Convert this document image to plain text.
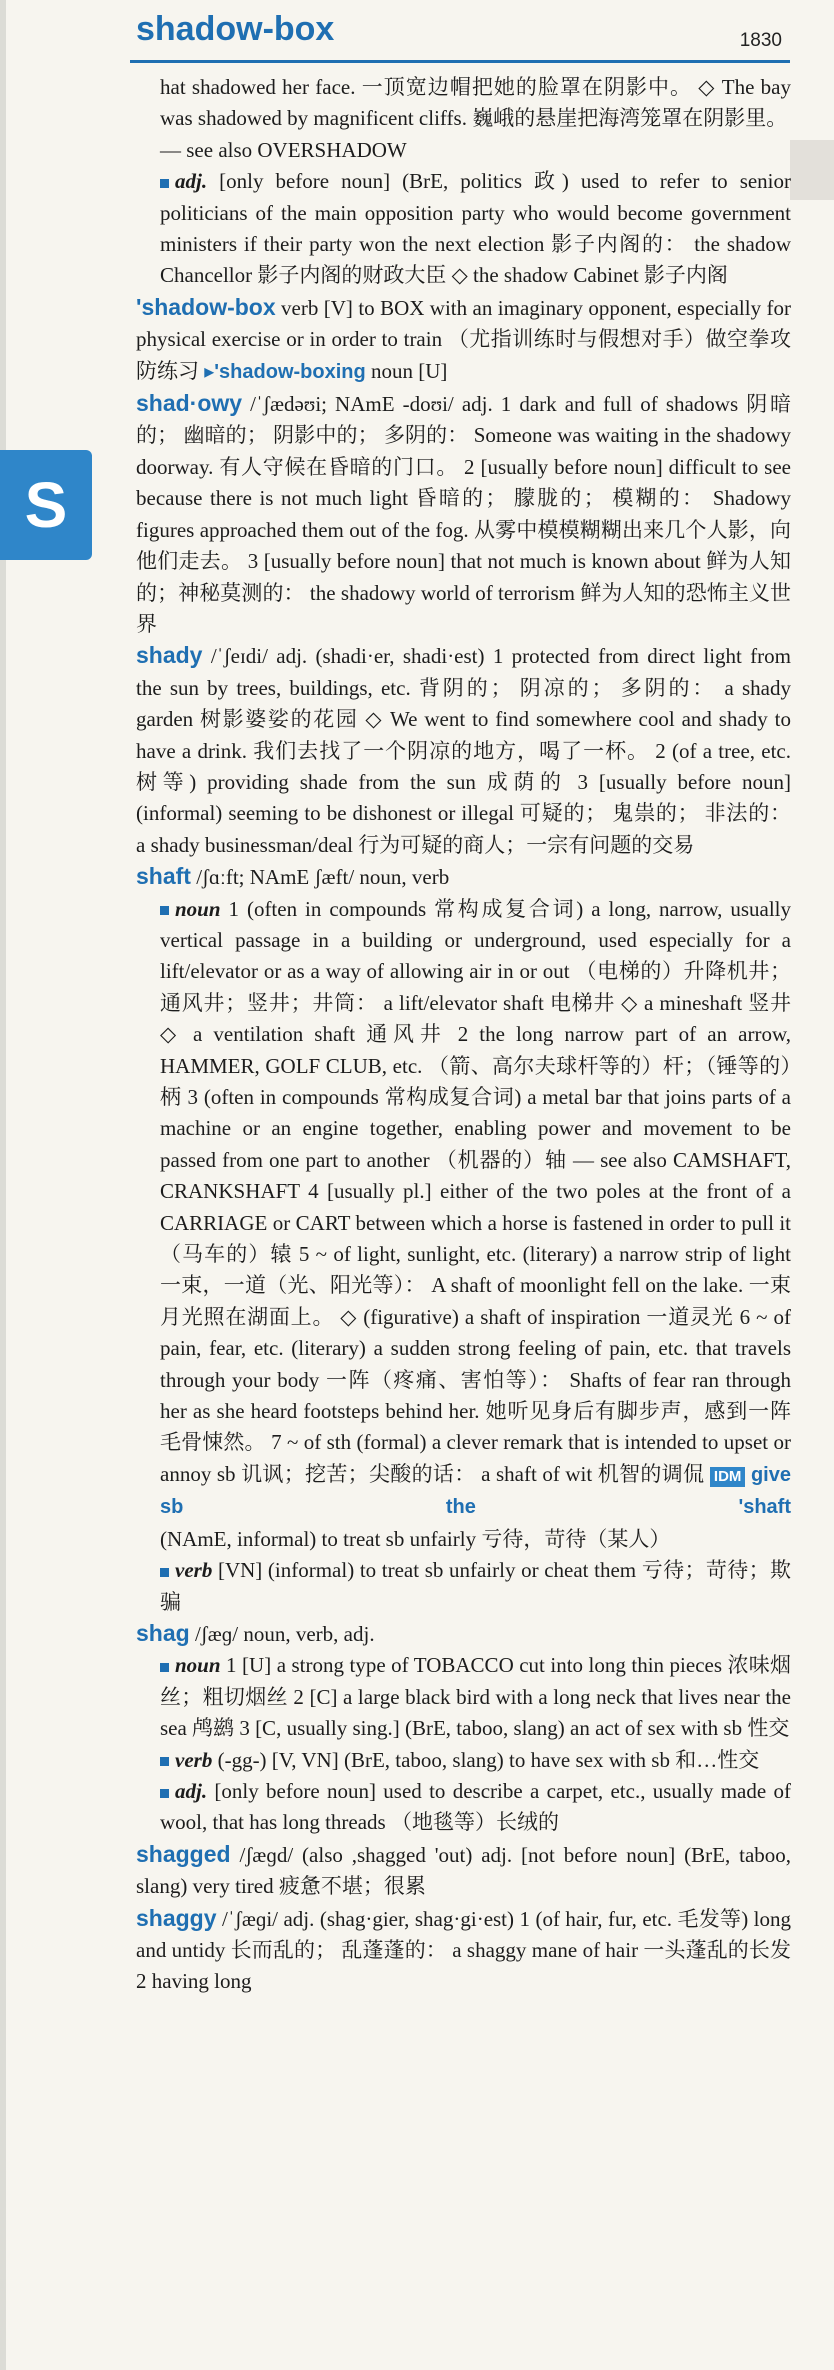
shadow-box	1830
S

hat shadowed her face. 一顶宽边帽把她的脸罩在阴影中。 ◇ The bay was shadowed by magnificent cliffs. 巍峨的悬崖把海湾笼罩在阴影里。

— see also OVERSHADOW

adj. [only before noun] (BrE, politics 政) used to refer to senior politicians of the main opposition party who would become government ministers if their party won the next election 影子内阁的： the shadow Chancellor 影子内阁的财政大臣 ◇ the shadow Cabinet 影子内阁

'shadow-box verb [V] to BOX with an imaginary opponent, especially for physical exercise or in order to train （尤指训练时与假想对手）做空拳攻防练习 ▸'shadow-boxing noun [U]

shad·owy /ˈʃædəʊi; NAmE -doʊi/ adj. 1 dark and full of shadows 阴暗的； 幽暗的； 阴影中的； 多阴的： Someone was waiting in the shadowy doorway. 有人守候在昏暗的门口。 2 [usually before noun] difficult to see because there is not much light 昏暗的； 朦胧的； 模糊的： Shadowy figures approached them out of the fog. 从雾中模模糊糊出来几个人影，向他们走去。 3 [usually before noun] that not much is known about 鲜为人知的；神秘莫测的： the shadowy world of terrorism 鲜为人知的恐怖主义世界

shady /ˈʃeɪdi/ adj. (shadi·er, shadi·est) 1 protected from direct light from the sun by trees, buildings, etc. 背阴的； 阴凉的； 多阴的： a shady garden 树影婆娑的花园 ◇ We went to find somewhere cool and shady to have a drink. 我们去找了一个阴凉的地方，喝了一杯。 2 (of a tree, etc. 树等) providing shade from the sun 成荫的 3 [usually before noun] (informal) seeming to be dishonest or illegal 可疑的； 鬼祟的； 非法的： a shady businessman/deal 行为可疑的商人；一宗有问题的交易

shaft /ʃɑːft; NAmE ʃæft/ noun, verb

noun 1 (often in compounds 常构成复合词) a long, narrow, usually vertical passage in a building or underground, used especially for a lift/elevator or as a way of allowing air in or out （电梯的）升降机井；通风井；竖井；井筒： a lift/elevator shaft 电梯井 ◇ a mineshaft 竖井 ◇ a ventilation shaft 通风井 2 the long narrow part of an arrow, HAMMER, GOLF CLUB, etc. （箭、高尔夫球杆等的）杆；（锤等的）柄 3 (often in compounds 常构成复合词) a metal bar that joins parts of a machine or an engine together, enabling power and movement to be passed from one part to another （机器的）轴 — see also CAMSHAFT, CRANKSHAFT 4 [usually pl.] either of the two poles at the front of a CARRIAGE or CART between which a horse is fastened in order to pull it （马车的）辕 5 ~ of light, sunlight, etc. (literary) a narrow strip of light 一束，一道（光、阳光等）： A shaft of moonlight fell on the lake. 一束月光照在湖面上。 ◇ (figurative) a shaft of inspiration 一道灵光 6 ~ of pain, fear, etc. (literary) a sudden strong feeling of pain, etc. that travels through your body 一阵（疼痛、害怕等）： Shafts of fear ran through her as she heard footsteps behind her. 她听见身后有脚步声，感到一阵毛骨悚然。 7 ~ of sth (formal) a clever remark that is intended to upset or annoy sb 讥讽；挖苦；尖酸的话： a shaft of wit 机智的调侃 IDM give sb the 'shaft (NAmE, informal) to treat sb unfairly 亏待，苛待（某人）

verb [VN] (informal) to treat sb unfairly or cheat them 亏待；苛待；欺骗

shag /ʃæɡ/ noun, verb, adj.

noun 1 [U] a strong type of TOBACCO cut into long thin pieces 浓味烟丝；粗切烟丝 2 [C] a large black bird with a long neck that lives near the sea 鸬鹚 3 [C, usually sing.] (BrE, taboo, slang) an act of sex with sb 性交

verb (-gg-) [V, VN] (BrE, taboo, slang) to have sex with sb 和…性交

adj. [only before noun] used to describe a carpet, etc., usually made of wool, that has long threads （地毯等）长绒的

shagged /ʃæɡd/ (also ,shagged 'out) adj. [not before noun] (BrE, taboo, slang) very tired 疲惫不堪；很累

shaggy /ˈʃæɡi/ adj. (shag·gier, shag·gi·est) 1 (of hair, fur, etc. 毛发等) long and untidy 长而乱的； 乱蓬蓬的： a shaggy mane of hair 一头蓬乱的长发 2 having long
